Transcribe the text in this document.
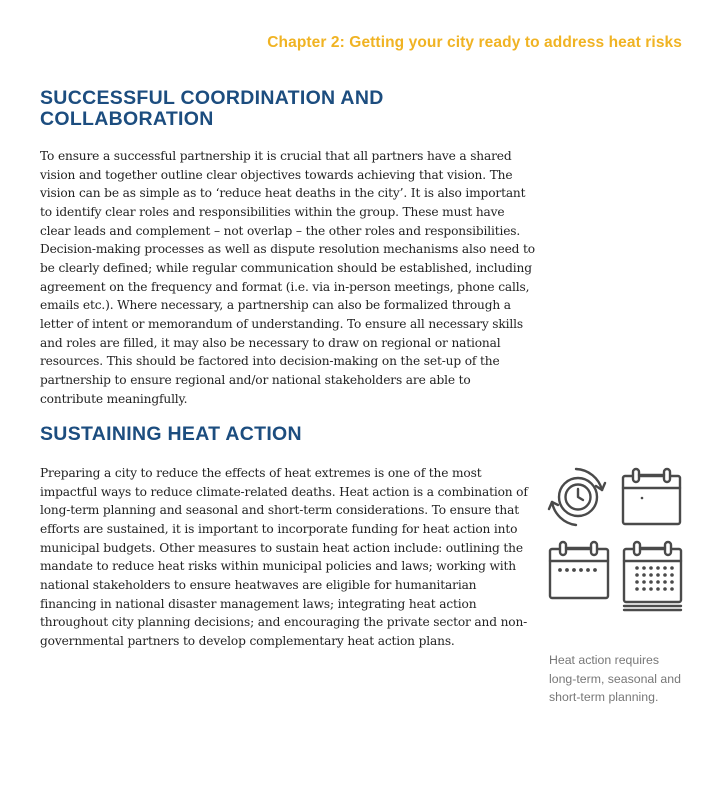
Chapter 2: Getting your city ready to address heat risks
SUCCESSFUL COORDINATION AND COLLABORATION

To ensure a successful partnership it is crucial that all partners have a shared vision and together outline clear objectives towards achieving that vision. The vision can be as simple as to ‘reduce heat deaths in the city’. It is also important to identify clear roles and responsibilities within the group. These must have clear leads and complement – not overlap – the other roles and responsibilities. Decision-making processes as well as dispute resolution mechanisms also need to be clearly defined; while regular communication should be established, including agreement on the frequency and format (i.e. via in-person meetings, phone calls, emails etc.). Where necessary, a partnership can also be formalized through a letter of intent or memorandum of understanding. To ensure all necessary skills and roles are filled, it may also be necessary to draw on regional or national resources. This should be factored into decision-making on the set-up of the partnership to ensure regional and/or national stakeholders are able to contribute meaningfully.

SUSTAINING HEAT ACTION

Preparing a city to reduce the effects of heat extremes is one of the most impactful ways to reduce climate-related deaths. Heat action is a combination of long-term planning and seasonal and short-term considerations. To ensure that efforts are sustained, it is important to incorporate funding for heat action into municipal budgets. Other measures to sustain heat action include: outlining the mandate to reduce heat risks within municipal policies and laws; working with national stakeholders to ensure heatwaves are eligible for humanitarian financing in national disaster management laws; integrating heat action throughout city planning decisions; and encouraging the private sector and non-governmental partners to develop complementary heat action plans.

Heat action requires long-term, seasonal and short-term planning.
